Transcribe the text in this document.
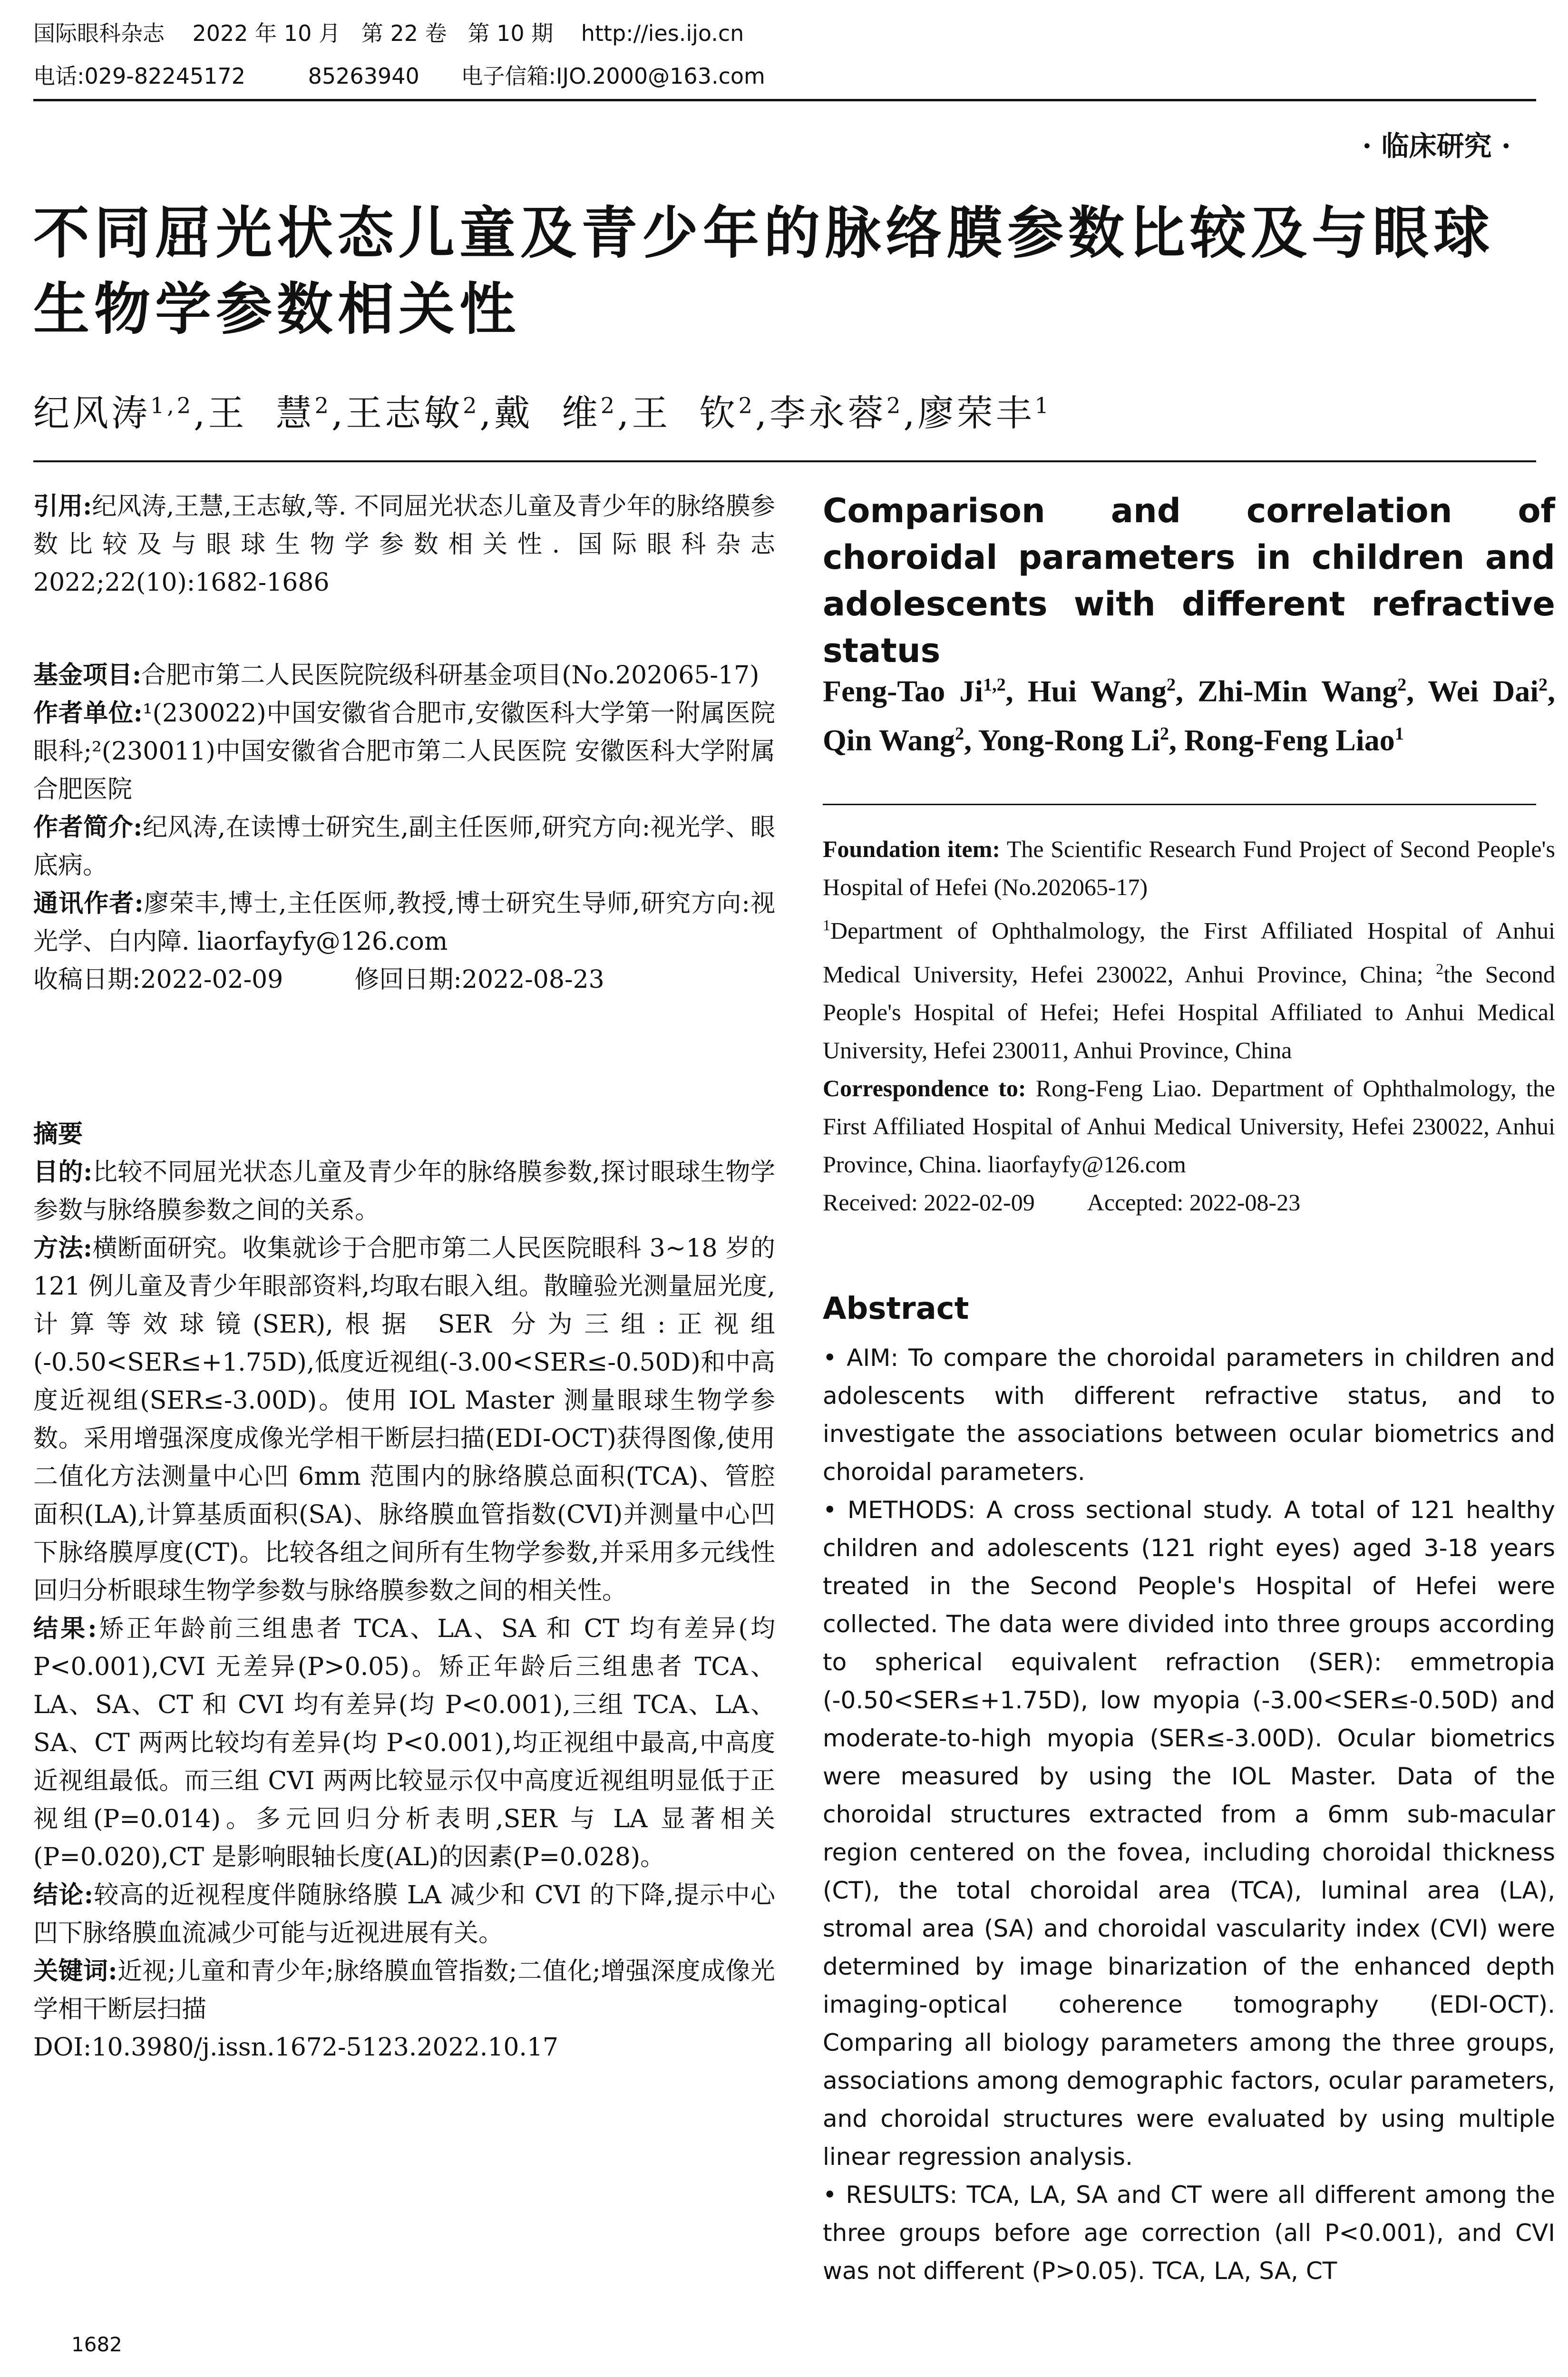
国际眼科杂志    2022 年 10 月   第 22 卷   第 10 期    http://ies.ijo.cn
电话:029-82245172         85263940      电子信箱:IJO.2000@163.com
· 临床研究 ·
不同屈光状态儿童及青少年的脉络膜参数比较及与眼球生物学参数相关性
纪风涛$^{1,2}$,王  慧$^2$,王志敏$^2$,戴  维$^2$,王  钦$^2$,李永蓉$^2$,廖荣丰$^1$
引用:纪风涛,王慧,王志敏,等. 不同屈光状态儿童及青少年的脉络膜参数比较及与眼球生物学参数相关性. 国际眼科杂志 2022;22(10):1682-1686

基金项目:合肥市第二人民医院院级科研基金项目(No.202065-17)

作者单位:¹(230022)中国安徽省合肥市,安徽医科大学第一附属医院眼科;²(230011)中国安徽省合肥市第二人民医院 安徽医科大学附属合肥医院

作者简介:纪风涛,在读博士研究生,副主任医师,研究方向:视光学、眼底病。

通讯作者:廖荣丰,博士,主任医师,教授,博士研究生导师,研究方向:视光学、白内障. liaorfayfy@126.com

收稿日期:2022-02-09	修回日期:2022-08-23

摘要

目的:比较不同屈光状态儿童及青少年的脉络膜参数,探讨眼球生物学参数与脉络膜参数之间的关系。

方法:横断面研究。收集就诊于合肥市第二人民医院眼科 3~18 岁的 121 例儿童及青少年眼部资料,均取右眼入组。散瞳验光测量屈光度,计算等效球镜(SER),根据 SER 分为三组:正视组(-0.50<SER≤+1.75D),低度近视组(-3.00<SER≤-0.50D)和中高度近视组(SER≤-3.00D)。使用 IOL Master 测量眼球生物学参数。采用增强深度成像光学相干断层扫描(EDI-OCT)获得图像,使用二值化方法测量中心凹 6mm 范围内的脉络膜总面积(TCA)、管腔面积(LA),计算基质面积(SA)、脉络膜血管指数(CVI)并测量中心凹下脉络膜厚度(CT)。比较各组之间所有生物学参数,并采用多元线性回归分析眼球生物学参数与脉络膜参数之间的相关性。

结果:矫正年龄前三组患者 TCA、LA、SA 和 CT 均有差异(均 P<0.001),CVI 无差异(P>0.05)。矫正年龄后三组患者 TCA、LA、SA、CT 和 CVI 均有差异(均 P<0.001),三组 TCA、LA、SA、CT 两两比较均有差异(均 P<0.001),均正视组中最高,中高度近视组最低。而三组 CVI 两两比较显示仅中高度近视组明显低于正视组(P=0.014)。多元回归分析表明,SER 与 LA 显著相关(P=0.020),CT 是影响眼轴长度(AL)的因素(P=0.028)。

结论:较高的近视程度伴随脉络膜 LA 减少和 CVI 的下降,提示中心凹下脉络膜血流减少可能与近视进展有关。

关键词:近视;儿童和青少年;脉络膜血管指数;二值化;增强深度成像光学相干断层扫描

DOI:10.3980/j.issn.1672-5123.2022.10.17

Comparison and correlation of choroidal parameters in children and adolescents with different refractive status
Feng-Tao Ji$^{1,2}$, Hui Wang$^2$, Zhi-Min Wang$^2$, Wei Dai$^2$, Qin Wang$^2$, Yong-Rong Li$^2$, Rong-Feng Liao$^1$

Foundation item: The Scientific Research Fund Project of Second People's Hospital of Hefei (No.202065-17)

$^1$Department of Ophthalmology, the First Affiliated Hospital of Anhui Medical University, Hefei 230022, Anhui Province, China; $^2$the Second People's Hospital of Hefei; Hefei Hospital Affiliated to Anhui Medical University, Hefei 230011, Anhui Province, China

Correspondence to: Rong-Feng Liao. Department of Ophthalmology, the First Affiliated Hospital of Anhui Medical University, Hefei 230022, Anhui Province, China. liaorfayfy@126.com

Received: 2022-02-09 Accepted: 2022-08-23

Abstract

• AIM: To compare the choroidal parameters in children and adolescents with different refractive status, and to investigate the associations between ocular biometrics and choroidal parameters.

• METHODS: A cross sectional study. A total of 121 healthy children and adolescents (121 right eyes) aged 3-18 years treated in the Second People's Hospital of Hefei were collected. The data were divided into three groups according to spherical equivalent refraction (SER): emmetropia (-0.50<SER≤+1.75D), low myopia (-3.00<SER≤-0.50D) and moderate-to-high myopia (SER≤-3.00D). Ocular biometrics were measured by using the IOL Master. Data of the choroidal structures extracted from a 6mm sub-macular region centered on the fovea, including choroidal thickness (CT), the total choroidal area (TCA), luminal area (LA), stromal area (SA) and choroidal vascularity index (CVI) were determined by image binarization of the enhanced depth imaging-optical coherence tomography (EDI-OCT). Comparing all biology parameters among the three groups, associations among demographic factors, ocular parameters, and choroidal structures were evaluated by using multiple linear regression analysis.

• RESULTS: TCA, LA, SA and CT were all different among the three groups before age correction (all P<0.001), and CVI was not different (P>0.05). TCA, LA, SA, CT

1682
